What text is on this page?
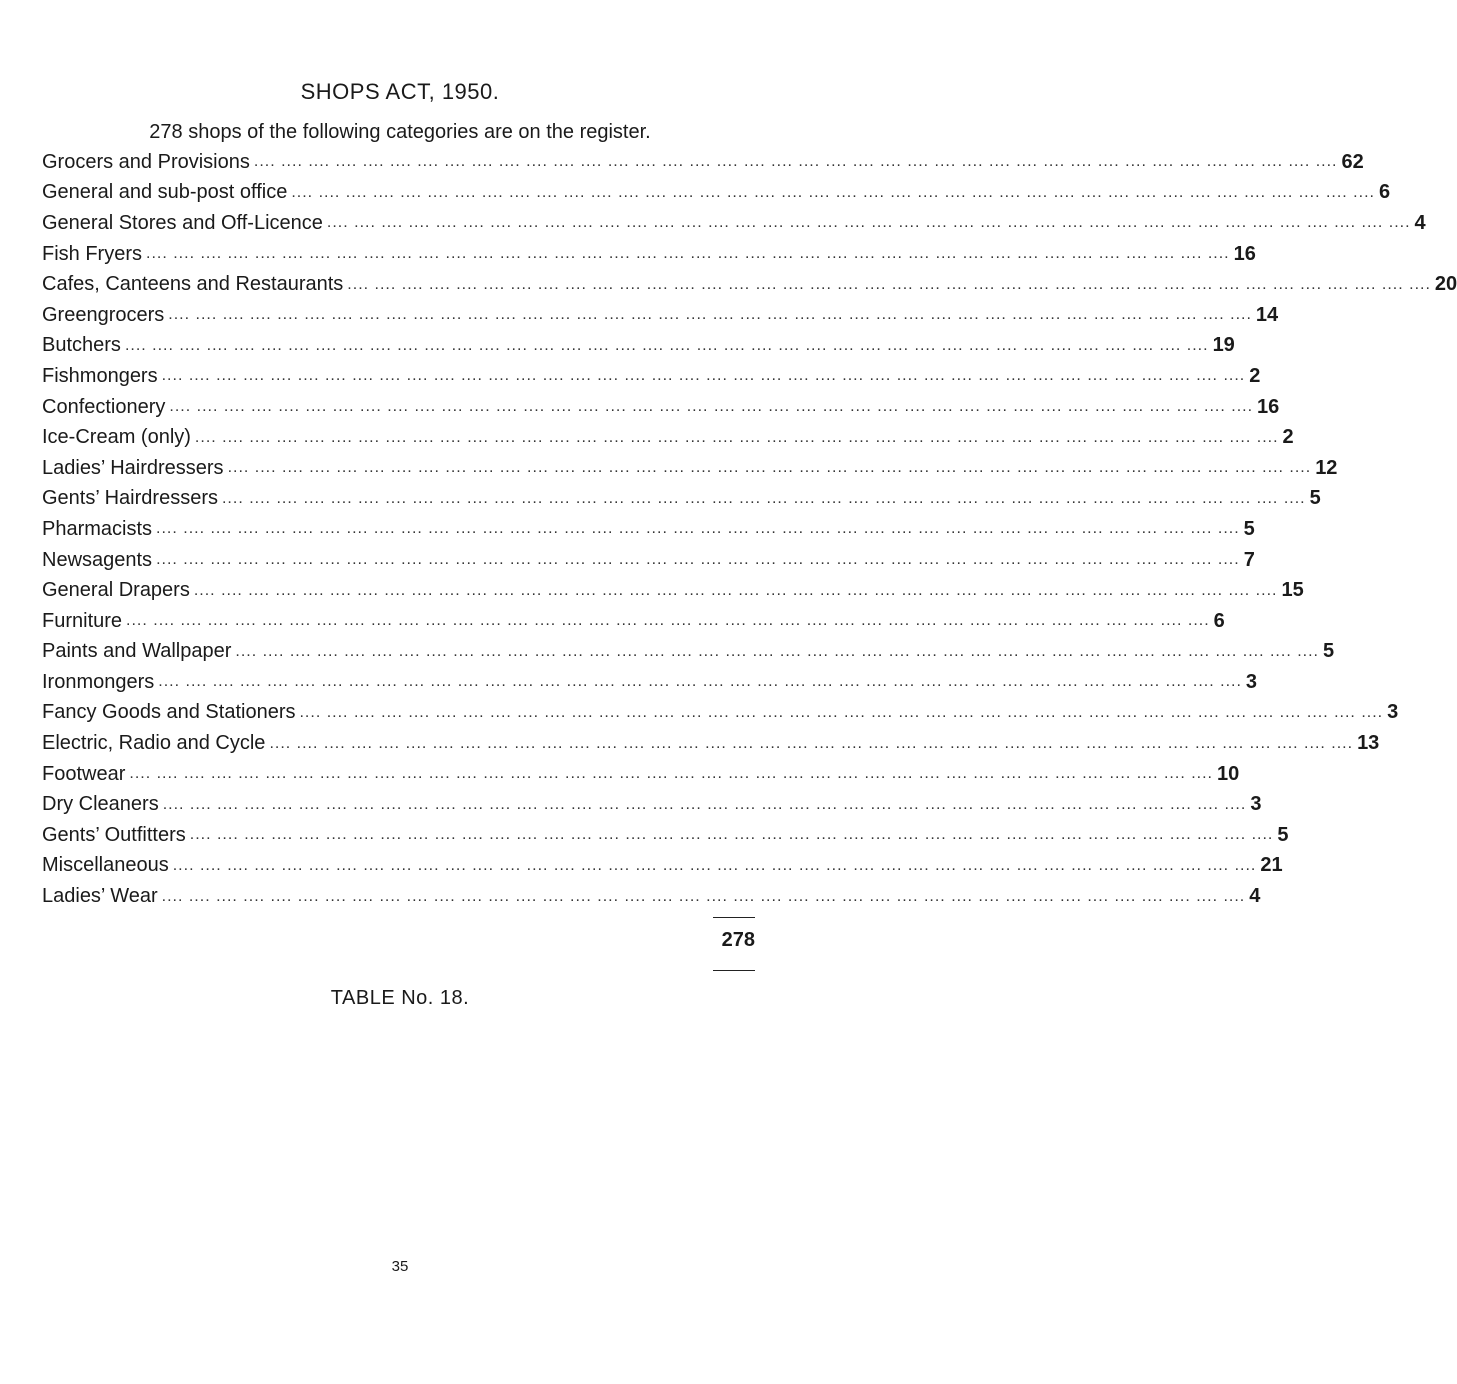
SHOPS ACT, 1950.
278 shops of the following categories are on the register.
Grocers and Provisions .... .... .... .... .... .... .... .... .... .... .... .... .... .... .... .... .... .... .... .... .... .... .... .... .... .... .... .... .... .... .... .... .... .... .... .... .... .... .... .... 62
General and sub-post office .... .... .... .... .... .... .... .... .... .... .... .... .... .... .... .... .... .... .... .... .... .... .... .... .... .... .... .... .... .... .... .... .... .... .... .... .... .... .... .... 6
General Stores and Off-Licence .... .... .... .... .... .... .... .... .... .... .... .... .... .... .... .... .... .... .... .... .... .... .... .... .... .... .... .... .... .... .... .... .... .... .... .... .... .... .... .... 4
Fish Fryers .... .... .... .... .... .... .... .... .... .... .... .... .... .... .... .... .... .... .... .... .... .... .... .... .... .... .... .... .... .... .... .... .... .... .... .... .... .... .... .... 16
Cafes, Canteens and Restaurants .... .... .... .... .... .... .... .... .... .... .... .... .... .... .... .... .... .... .... .... .... .... .... .... .... .... .... .... .... .... .... .... .... .... .... .... .... .... .... .... 20
Greengrocers .... .... .... .... .... .... .... .... .... .... .... .... .... .... .... .... .... .... .... .... .... .... .... .... .... .... .... .... .... .... .... .... .... .... .... .... .... .... .... .... 14
Butchers .... .... .... .... .... .... .... .... .... .... .... .... .... .... .... .... .... .... .... .... .... .... .... .... .... .... .... .... .... .... .... .... .... .... .... .... .... .... .... .... 19
Fishmongers .... .... .... .... .... .... .... .... .... .... .... .... .... .... .... .... .... .... .... .... .... .... .... .... .... .... .... .... .... .... .... .... .... .... .... .... .... .... .... .... 2
Confectionery .... .... .... .... .... .... .... .... .... .... .... .... .... .... .... .... .... .... .... .... .... .... .... .... .... .... .... .... .... .... .... .... .... .... .... .... .... .... .... .... 16
Ice-Cream (only) .... .... .... .... .... .... .... .... .... .... .... .... .... .... .... .... .... .... .... .... .... .... .... .... .... .... .... .... .... .... .... .... .... .... .... .... .... .... .... .... 2
Ladies’ Hairdressers .... .... .... .... .... .... .... .... .... .... .... .... .... .... .... .... .... .... .... .... .... .... .... .... .... .... .... .... .... .... .... .... .... .... .... .... .... .... .... .... 12
Gents’ Hairdressers .... .... .... .... .... .... .... .... .... .... .... .... .... .... .... .... .... .... .... .... .... .... .... .... .... .... .... .... .... .... .... .... .... .... .... .... .... .... .... .... 5
Pharmacists .... .... .... .... .... .... .... .... .... .... .... .... .... .... .... .... .... .... .... .... .... .... .... .... .... .... .... .... .... .... .... .... .... .... .... .... .... .... .... .... 5
Newsagents .... .... .... .... .... .... .... .... .... .... .... .... .... .... .... .... .... .... .... .... .... .... .... .... .... .... .... .... .... .... .... .... .... .... .... .... .... .... .... .... 7
General Drapers .... .... .... .... .... .... .... .... .... .... .... .... .... .... .... .... .... .... .... .... .... .... .... .... .... .... .... .... .... .... .... .... .... .... .... .... .... .... .... .... 15
Furniture .... .... .... .... .... .... .... .... .... .... .... .... .... .... .... .... .... .... .... .... .... .... .... .... .... .... .... .... .... .... .... .... .... .... .... .... .... .... .... .... 6
Paints and Wallpaper .... .... .... .... .... .... .... .... .... .... .... .... .... .... .... .... .... .... .... .... .... .... .... .... .... .... .... .... .... .... .... .... .... .... .... .... .... .... .... .... 5
Ironmongers .... .... .... .... .... .... .... .... .... .... .... .... .... .... .... .... .... .... .... .... .... .... .... .... .... .... .... .... .... .... .... .... .... .... .... .... .... .... .... .... 3
Fancy Goods and Stationers .... .... .... .... .... .... .... .... .... .... .... .... .... .... .... .... .... .... .... .... .... .... .... .... .... .... .... .... .... .... .... .... .... .... .... .... .... .... .... .... 3
Electric, Radio and Cycle .... .... .... .... .... .... .... .... .... .... .... .... .... .... .... .... .... .... .... .... .... .... .... .... .... .... .... .... .... .... .... .... .... .... .... .... .... .... .... .... 13
Footwear .... .... .... .... .... .... .... .... .... .... .... .... .... .... .... .... .... .... .... .... .... .... .... .... .... .... .... .... .... .... .... .... .... .... .... .... .... .... .... .... 10
Dry Cleaners .... .... .... .... .... .... .... .... .... .... .... .... .... .... .... .... .... .... .... .... .... .... .... .... .... .... .... .... .... .... .... .... .... .... .... .... .... .... .... .... 3
Gents’ Outfitters .... .... .... .... .... .... .... .... .... .... .... .... .... .... .... .... .... .... .... .... .... .... .... .... .... .... .... .... .... .... .... .... .... .... .... .... .... .... .... .... 5
Miscellaneous .... .... .... .... .... .... .... .... .... .... .... .... .... .... .... .... .... .... .... .... .... .... .... .... .... .... .... .... .... .... .... .... .... .... .... .... .... .... .... .... 21
Ladies’ Wear .... .... .... .... .... .... .... .... .... .... .... .... .... .... .... .... .... .... .... .... .... .... .... .... .... .... .... .... .... .... .... .... .... .... .... .... .... .... .... .... 4
278
TABLE No. 18.
35
